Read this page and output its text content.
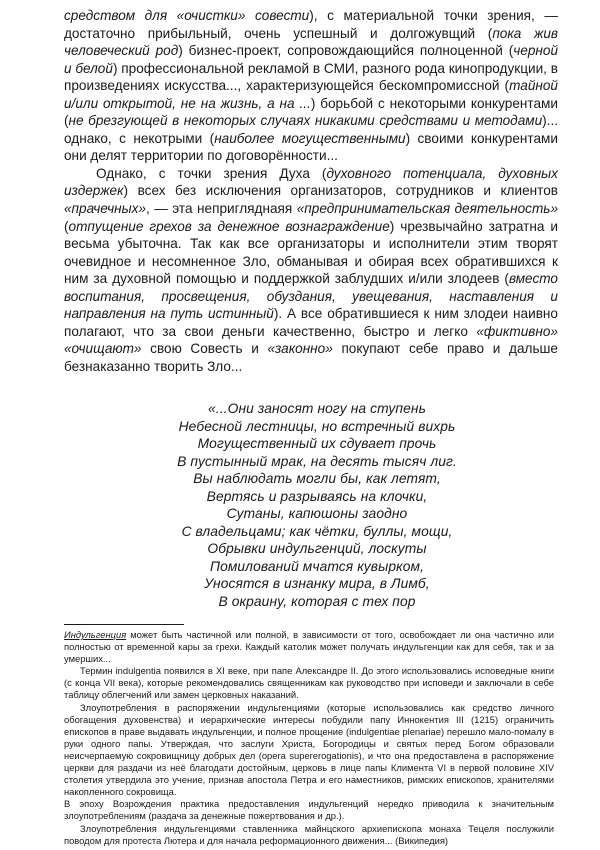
средством для «очистки» совести), с материальной точки зрения, — достаточно прибыльный, очень успешный и долгожувщий (пока жив человеческий род) бизнес-проект, сопровождающийся полноценной (черной и белой) профессиональной рекламой в СМИ, разного рода кинопродукции, в произведениях искусства..., характеризующейся бескомпромиссной (тайной и/или открытой, не на жизнь, а на ...) борьбой с некоторыми конкурентами (не брезгующей в некоторых случаях никакими средствами и методами)... однако, с некотрыми (наиболее могущественными) своими конкурентами они делят территории по договорённости...

Однако, с точки зрения Духа (духовного потенциала, духовных издержек) всех без исключения организаторов, сотрудников и клиентов «прачечных», — эта непригляднаяя «предпринимательская деятельность» (отпущение грехов за денежное вознаграждение) чрезвычайно затратна и весьма убыточна. Так как все организаторы и исполнители этим творят очевидное и несомненное Зло, обманывая и обирая всех обратившихся к ним за духовной помощью и поддержкой заблудших и/или злодеев (вместо воспитания, просвещения, обуздания, увещевания, наставления и направления на путь истинный). А все обратившиеся к ним злодеи наивно полагают, что за свои деньги качественно, быстро и легко «фиктивно» «очищают» свою Совесть и «законно» покупают себе право и дальше безнаказанно творить Зло...

«...Они заносят ногу на ступень
Небесной лестницы, но встречный вихрь
Могущественный их сдувает прочь
В пустынный мрак, на десять тысяч лиг.
Вы наблюдать могли бы, как летят,
Вертясь и разрываясь на клочки,
Сутаны, капюшоны заодно
С владельцами; как чётки, буллы, мощи,
Обрывки индульгенций, лоскуты
Помилований мчатся кувырком,
Уносятся в изнанку мира, в Лимб,
В окраину, которая с тех пор

Индульгенция может быть частичной или полной, в зависимости от того, освобождает ли она частично или полностью от временной кары за грехи. Каждый католик может получать индульгенции как для себя, так и за умерших...

Термин indulgentia появился в XI веке, при папе Александре II. До этого использовались исповедные книги (с конца VII века), которые рекомендовались священникам как руководство при исповеди и заключали в себе таблицу облегчений или замен церковных наказаний.

Злоупотребления в распоряжении индульгенциями (которые использовались как средство личного обогащения духовенства) и иерархические интересы побудили папу Иннокентия III (1215) ограничить епископов в праве выдавать индульгенции, и полное прощение (indulgentiae plenariae) перешло мало-помалу в руки одного папы. Утверждая, что заслуги Христа, Богородицы и святых перед Богом образовали неисчерпаемую сокровищницу добрых дел (opera supererogationis), и что она предоставлена в распоряжение церкви для раздачи из неё благодати достойным, церковь в лице папы Климента VI в первой половине XIV столетия утвердила это учение, признав апостола Петра и его наместников, римских епископов, хранителями накопленного сокровища.

В эпоху Возрождения практика предоставления индульгенций нередко приводила к значительным злоупотреблениям (раздача за денежные пожертвования и др.).

Злоупотребления индульгенциями ставленника майнцского архиепископа монаха Тецеля послужили поводом для протеста Лютера и для начала реформационного движения... (Википедия)
